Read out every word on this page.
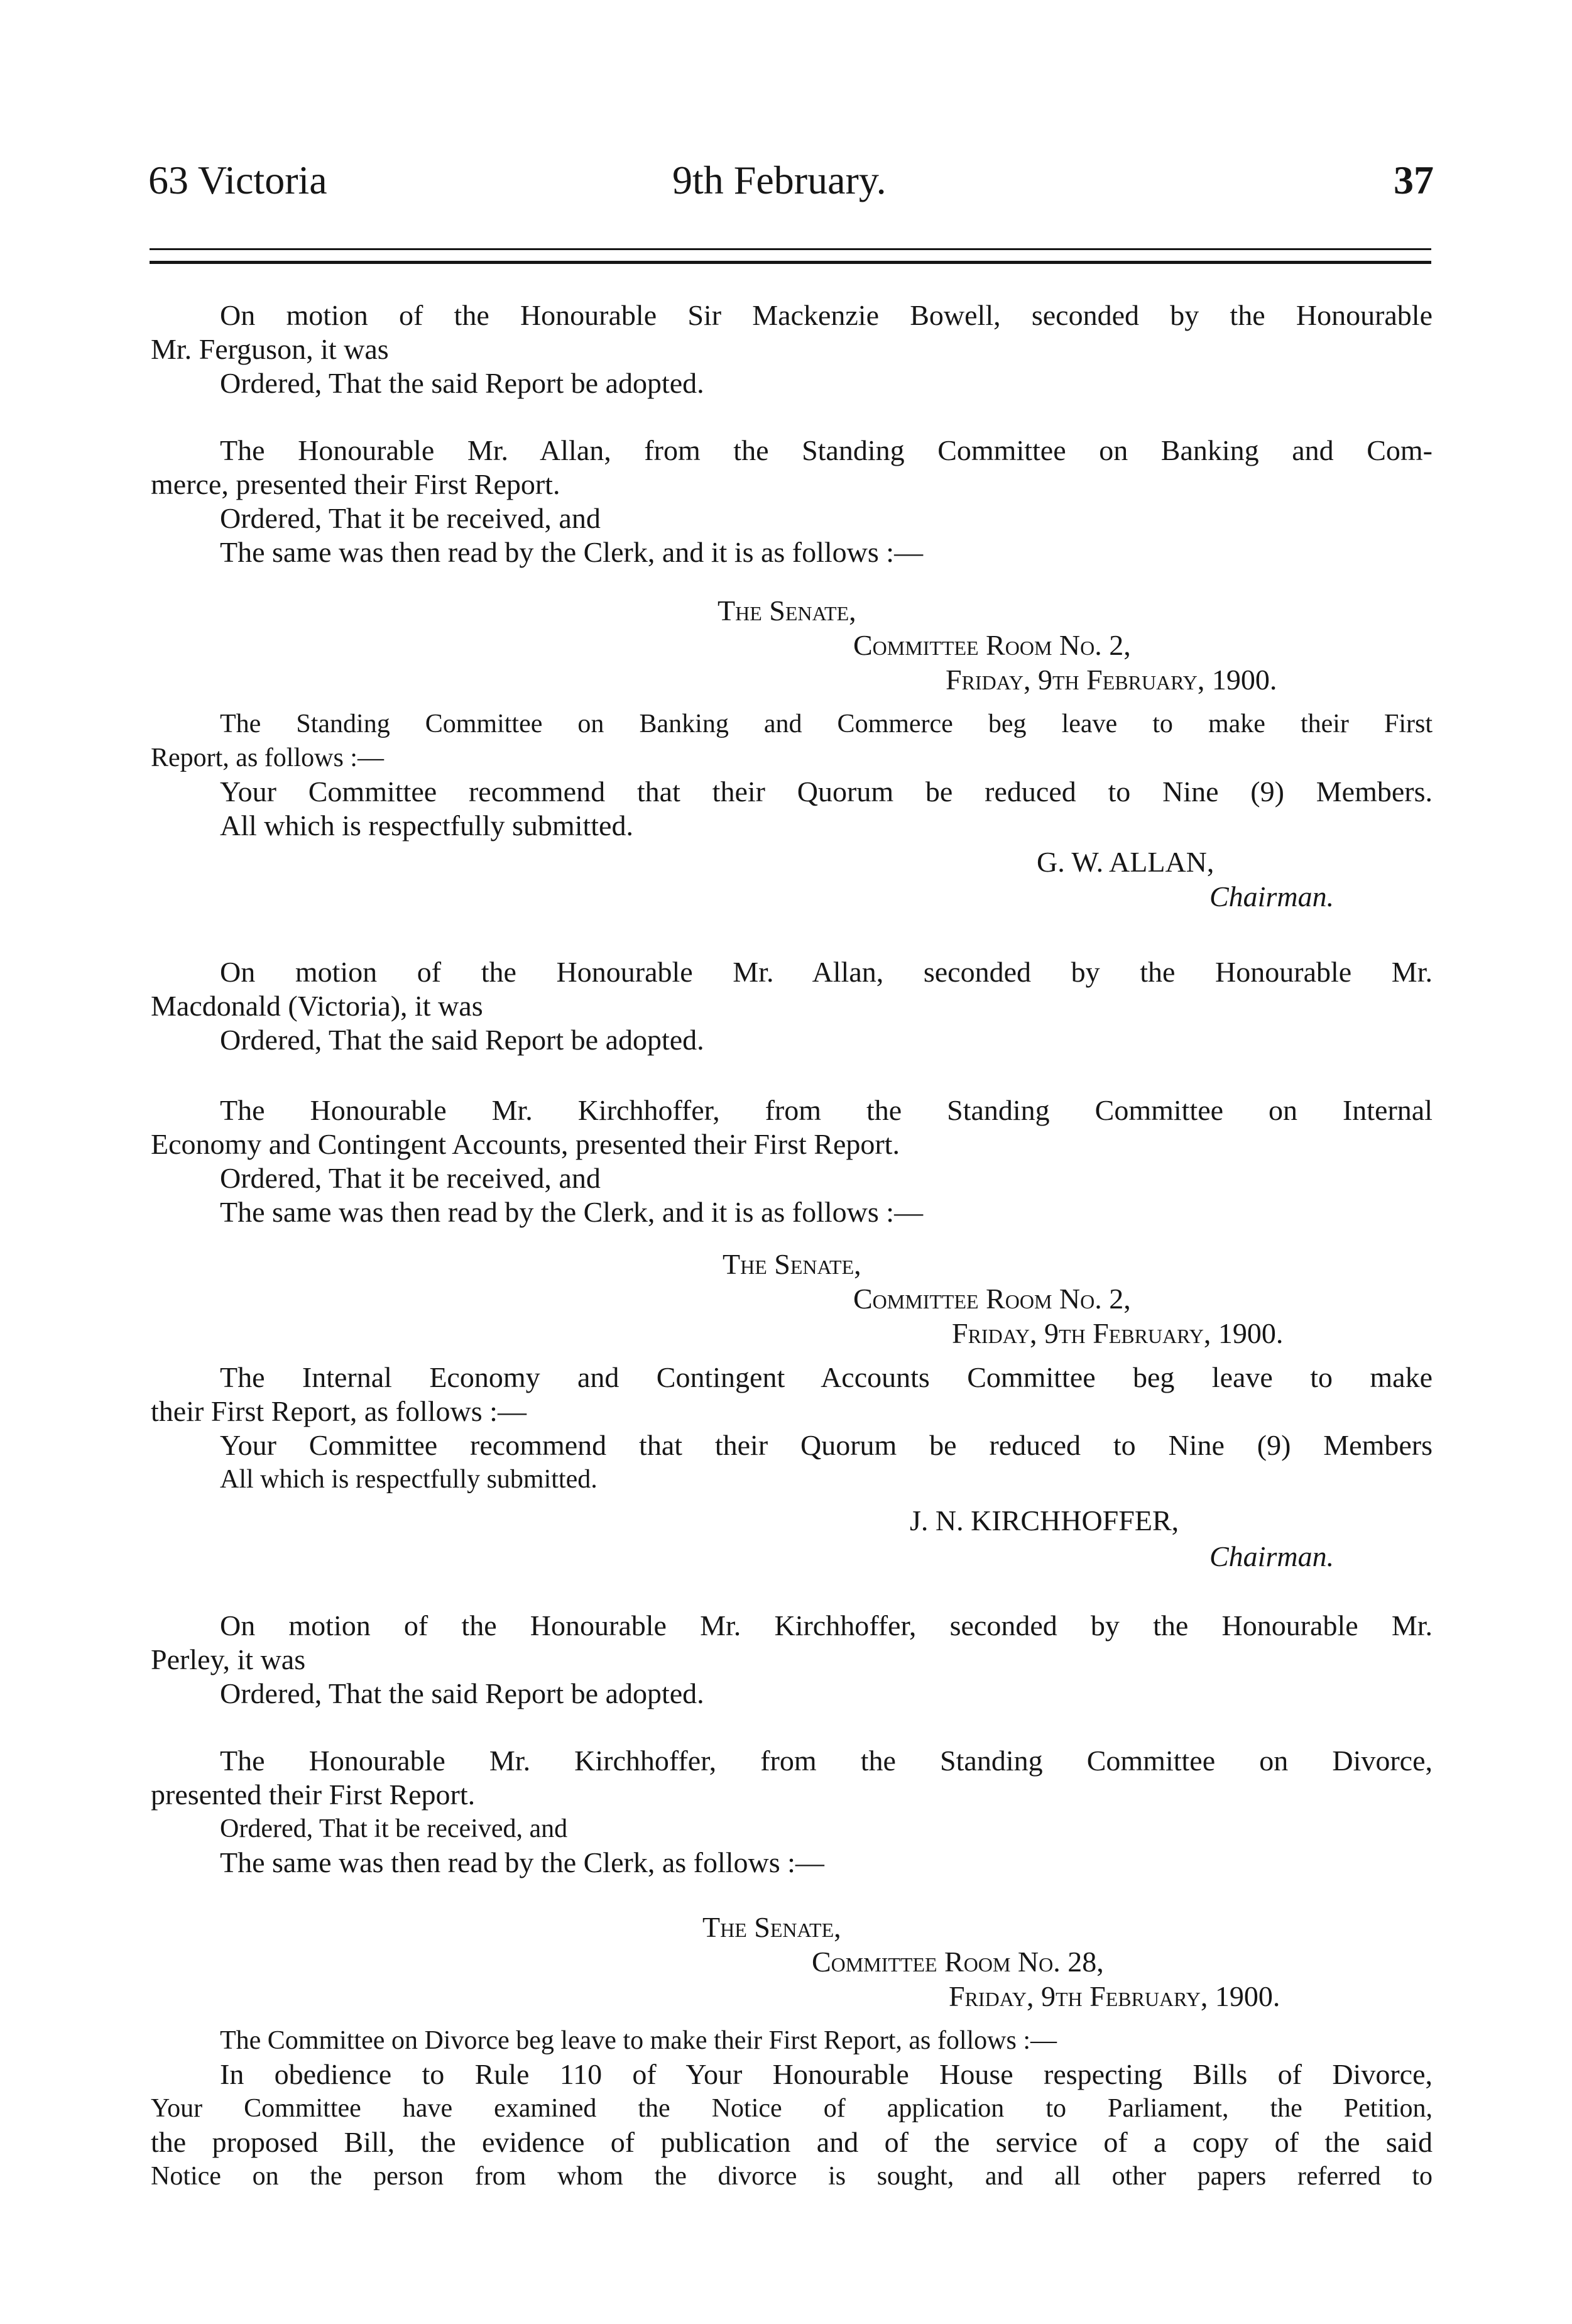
63 Victoria	9th February.	37
On motion of the Honourable Sir Mackenzie Bowell, seconded by the Honourable
Mr. Ferguson, it was
Ordered, That the said Report be adopted.
The Honourable Mr. Allan, from the Standing Committee on Banking and Com-
merce, presented their First Report.
Ordered, That it be received, and
The same was then read by the Clerk, and it is as follows :—
The Senate,
Committee Room No. 2,
Friday, 9th February, 1900.
The Standing Committee on Banking and Commerce beg leave to make their First
Report, as follows :—
Your Committee recommend that their Quorum be reduced to Nine (9) Members.
All which is respectfully submitted.
G. W. ALLAN,
Chairman.
On motion of the Honourable Mr. Allan, seconded by the Honourable Mr.
Macdonald (Victoria), it was
Ordered, That the said Report be adopted.
The Honourable Mr. Kirchhoffer, from the Standing Committee on Internal
Economy and Contingent Accounts, presented their First Report.
Ordered, That it be received, and
The same was then read by the Clerk, and it is as follows :—
The Senate,
Committee Room No. 2,
Friday, 9th February, 1900.
The Internal Economy and Contingent Accounts Committee beg leave to make
their First Report, as follows :—
Your Committee recommend that their Quorum be reduced to Nine (9) Members
All which is respectfully submitted.
J. N. KIRCHHOFFER,
Chairman.
On motion of the Honourable Mr. Kirchhoffer, seconded by the Honourable Mr.
Perley, it was
Ordered, That the said Report be adopted.
The Honourable Mr. Kirchhoffer, from the Standing Committee on Divorce,
presented their First Report.
Ordered, That it be received, and
The same was then read by the Clerk, as follows :—
The Senate,
Committee Room No. 28,
Friday, 9th February, 1900.
The Committee on Divorce beg leave to make their First Report, as follows :—
In obedience to Rule 110 of Your Honourable House respecting Bills of Divorce,
Your Committee have examined the Notice of application to Parliament, the Petition,
the proposed Bill, the evidence of publication and of the service of a copy of the said
Notice on the person from whom the divorce is sought, and all other papers referred to
